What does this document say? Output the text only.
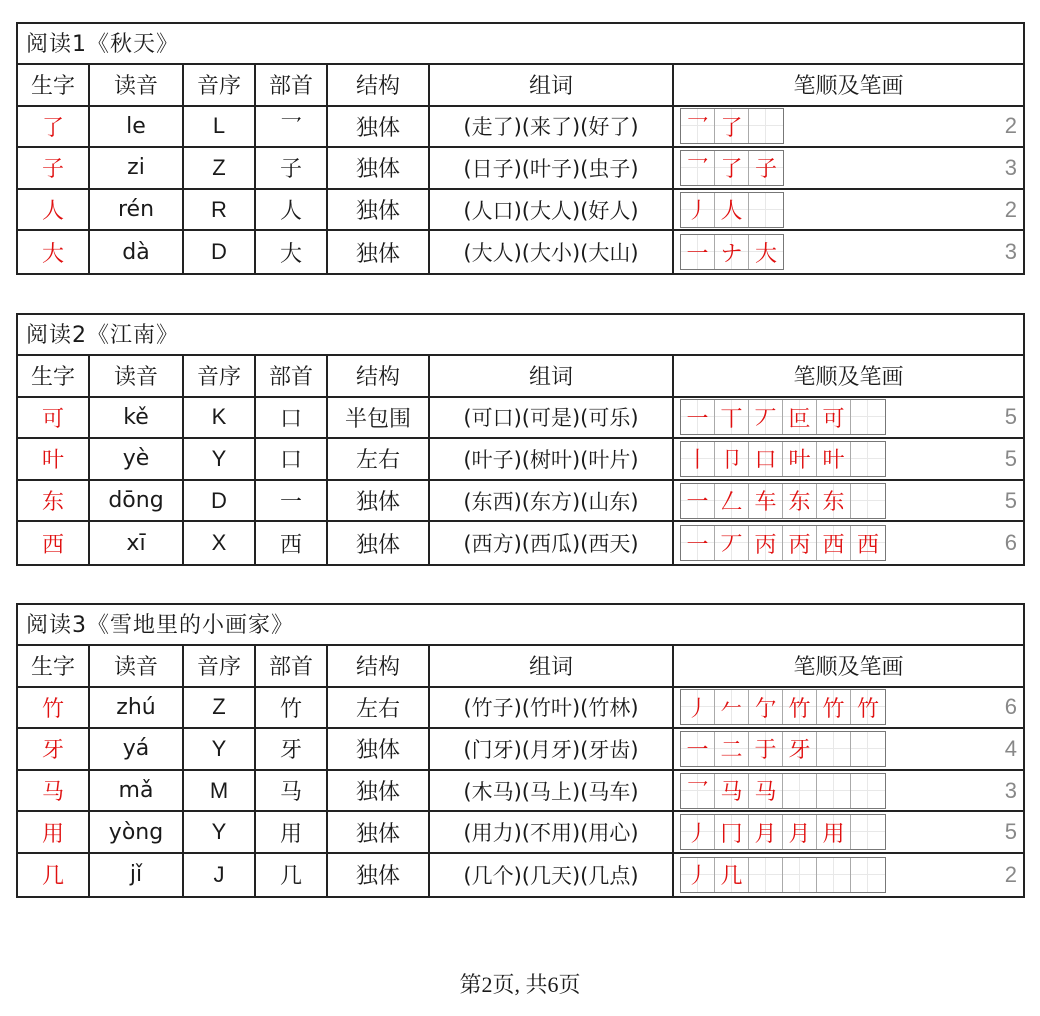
阅读1《秋天》
生字	读音	音序	部首	结构	组词	笔顺及笔画
了	le	L	乛	独体	(走了)(来了)(好了)	乛 了	2
子	zi	Z	子	独体	(日子)(叶子)(虫子)	乛 了 子	3
人	rén	R	人	独体	(人口)(大人)(好人)	丿 人	2
大	dà	D	大	独体	(大人)(大小)(大山)	一 ナ 大	3
阅读2《江南》
生字	读音	音序	部首	结构	组词	笔顺及笔画
可	kě	K	口	半包围	(可口)(可是)(可乐)	一 丅 丆 叵 可	5
叶	yè	Y	口	左右	(叶子)(树叶)(叶片)	丨 卩 口 叶 叶	5
东	dōng	D	一	独体	(东西)(东方)(山东)	一 𠃋 车 东 东	5
西	xī	X	西	独体	(西方)(西瓜)(西天)	一 丆 丙 丙 西 西	6
阅读3《雪地里的小画家》
生字	读音	音序	部首	结构	组词	笔顺及笔画
竹	zhú	Z	竹	左右	(竹子)(竹叶)(竹林)	丿 𠂉 亇 竹 竹 竹	6
牙	yá	Y	牙	独体	(门牙)(月牙)(牙齿)	一 二 于 牙	4
马	mǎ	M	马	独体	(木马)(马上)(马车)	乛 马 马	3
用	yòng	Y	用	独体	(用力)(不用)(用心)	丿 冂 月 月 用	5
几	jǐ	J	几	独体	(几个)(几天)(几点)	丿 几	2
第2页, 共6页
